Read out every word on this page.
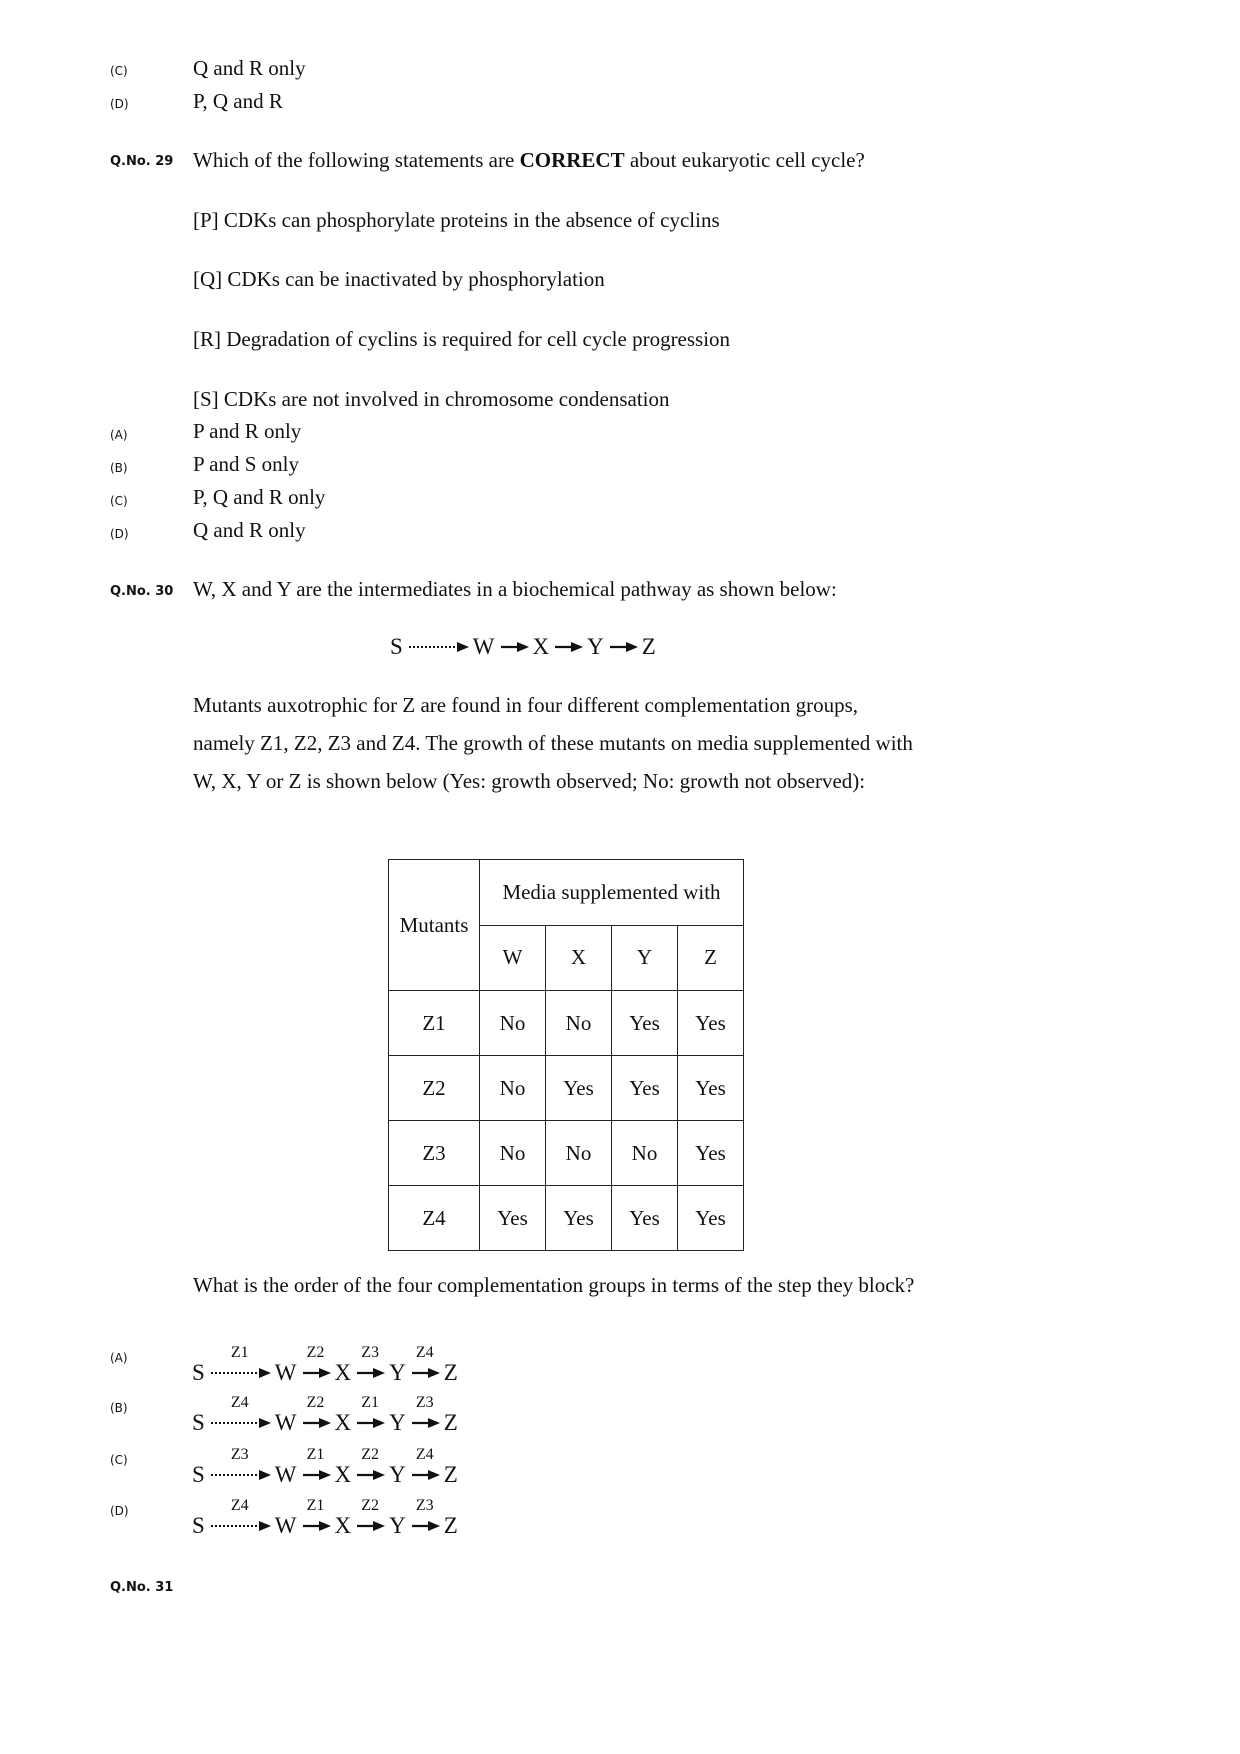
(C)	Q and R only
(D)	P, Q and R
Q.No. 29 Which of the following statements are CORRECT about eukaryotic cell cycle?
[P] CDKs can phosphorylate proteins in the absence of cyclins
[Q] CDKs can be inactivated by phosphorylation
[R] Degradation of cyclins is required for cell cycle progression
[S] CDKs are not involved in chromosome condensation
(A)	P and R only
(B)	P and S only
(C)	P, Q and R only
(D)	Q and R only
Q.No. 30 W, X and Y are the intermediates in a biochemical pathway as shown below:
S	W X Y Z
Mutants auxotrophic for Z are found in four different complementation groups, namely Z1, Z2, Z3 and Z4. The growth of these mutants on media supplemented with W, X, Y or Z is shown below (Yes: growth observed; No: growth not observed):
Mutants	Media supplemented with			
	W	X	Y	Z
Z1	No	No	Yes	Yes
Z2	No	Yes	Yes	Yes
Z3	No	No	No	Yes
Z4	Yes	Yes	Yes	Yes
What is the order of the four complementation groups in terms of the step they block?
(A)
S
Z1
W
Z2
X
Z3
Y
Z4
Z
(B)
S
Z4
W
Z2
X
Z1
Y
Z3
Z
(C)
S
Z3
W
Z1
X
Z2
Y
Z4
Z
(D)
S
Z4
W
Z1
X
Z2
Y
Z3
Z
Q.No. 31
